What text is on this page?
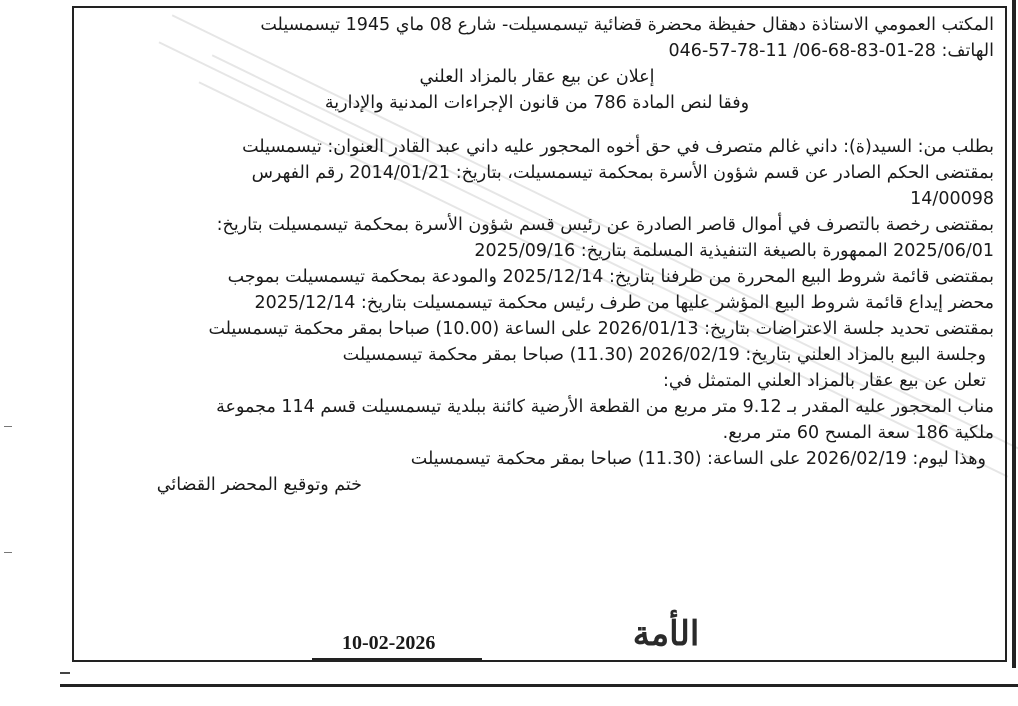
المكتب العمومي الاستاذة دهقال حفيظة محضرة قضائية تيسمسيلت- شارع 08 ماي 1945 تيسمسيلت
الهاتف: 28-01-83-68-06/ 11-78-57-046
إعلان عن بيع عقار بالمزاد العلني
وفقا لنص المادة 786 من قانون الإجراءات المدنية والإدارية
بطلب من: السيد(ة): داني غالم متصرف في حق أخوه المحجور عليه داني عبد القادر العنوان: تيسمسيلت
بمقتضى الحكم الصادر عن قسم شؤون الأسرة بمحكمة تيسمسيلت، بتاريخ: 2014/01/21 رقم الفهرس
14/00098
بمقتضى رخصة بالتصرف في أموال قاصر الصادرة عن رئيس قسم شؤون الأسرة بمحكمة تيسمسيلت بتاريخ:
2025/06/01 الممهورة بالصيغة التنفيذية المسلمة بتاريخ: 2025/09/16
بمقتضى قائمة شروط البيع المحررة من طرفنا بتاريخ: 2025/12/14 والمودعة بمحكمة تيسمسيلت بموجب
محضر إيداع قائمة شروط البيع المؤشر عليها من طرف رئيس محكمة تيسمسيلت بتاريخ: 2025/12/14
بمقتضى تحديد جلسة الاعتراضات بتاريخ: 2026/01/13 على الساعة (10.00) صباحا بمقر محكمة تيسمسيلت
وجلسة البيع بالمزاد العلني بتاريخ: 2026/02/19 (11.30) صباحا بمقر محكمة تيسمسيلت
تعلن عن بيع عقار بالمزاد العلني المتمثل في:
مناب المحجور عليه المقدر بـ 9.12 متر مربع من القطعة الأرضية كائنة ببلدية تيسمسيلت قسم 114 مجموعة
ملكية 186 سعة المسح 60 متر مربع.
وهذا ليوم: 2026/02/19 على الساعة: (11.30) صباحا بمقر محكمة تيسمسيلت
ختم وتوقيع المحضر القضائي
الأمة
10-02-2026
